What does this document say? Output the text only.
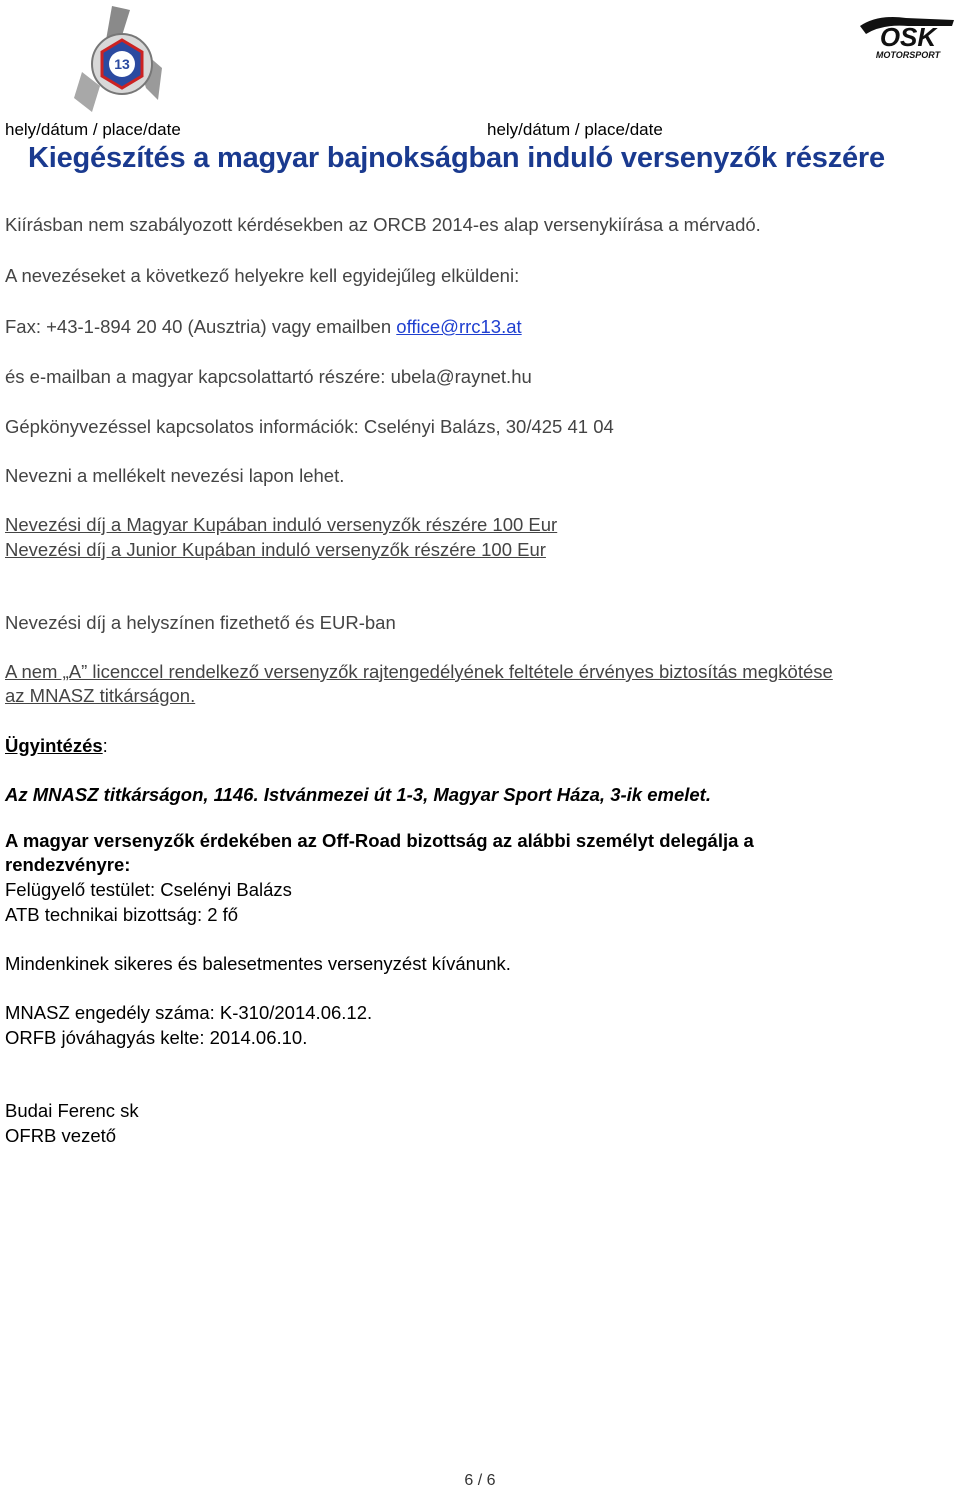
13
OSK
MOTORSPORT
hely/dátum / place/date	hely/dátum / place/date
Kiegészítés a magyar bajnokságban induló versenyzők részére
Kiírásban nem szabályozott kérdésekben az ORCB 2014-es alap versenykiírása a mérvadó.
A nevezéseket a következő helyekre kell egyidejűleg elküldeni:
Fax: +43-1-894 20 40 (Ausztria) vagy emailben office@rrc13.at
és e-mailban a magyar kapcsolattartó részére: ubela@raynet.hu
Gépkönyvezéssel kapcsolatos információk: Cselényi Balázs, 30/425 41 04
Nevezni a mellékelt nevezési lapon lehet.
Nevezési díj a Magyar Kupában induló versenyzők részére 100 Eur
Nevezési díj a Junior Kupában induló versenyzők részére 100 Eur
Nevezési díj a helyszínen fizethető és EUR-ban
A nem „A” licenccel rendelkező versenyzők rajtengedélyének feltétele érvényes biztosítás megkötése
az MNASZ titkárságon.
Ügyintézés:
Az MNASZ titkárságon, 1146. Istvánmezei út 1-3, Magyar Sport Háza, 3-ik emelet.
A magyar versenyzők érdekében az Off-Road bizottság az alábbi személyt delegálja a
rendezvényre:
Felügyelő testület: Cselényi Balázs
ATB technikai bizottság: 2 fő
Mindenkinek sikeres és balesetmentes versenyzést kívánunk.
MNASZ engedély száma: K-310/2014.06.12.
ORFB jóváhagyás kelte: 2014.06.10.
Budai Ferenc sk
OFRB vezető
6 / 6
